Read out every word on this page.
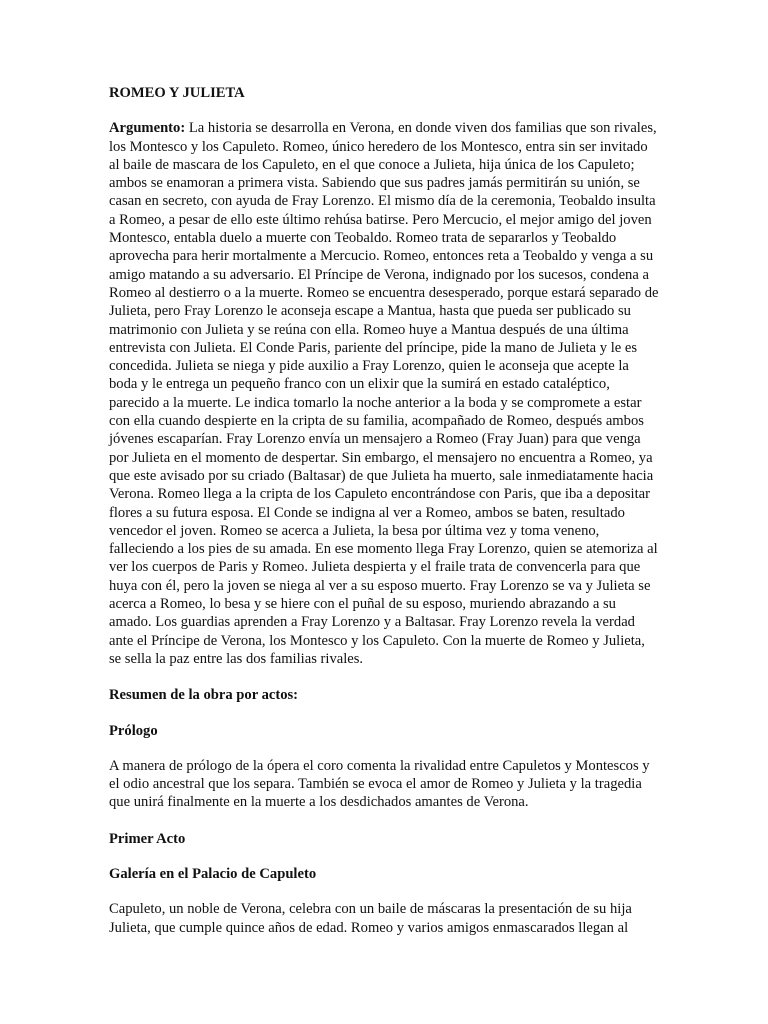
ROMEO Y JULIETA

Argumento: La historia se desarrolla en Verona, en donde viven dos familias que son rivales, los Montesco y los Capuleto. Romeo, único heredero de los Montesco, entra sin ser invitado al baile de mascara de los Capuleto, en el que conoce a Julieta, hija única de los Capuleto; ambos se enamoran a primera vista. Sabiendo que sus padres jamás permitirán su unión, se casan en secreto, con ayuda de Fray Lorenzo. El mismo día de la ceremonia, Teobaldo insulta a Romeo, a pesar de ello este último rehúsa batirse. Pero Mercucio, el mejor amigo del joven Montesco, entabla duelo a muerte con Teobaldo. Romeo trata de separarlos y Teobaldo aprovecha para herir mortalmente a Mercucio. Romeo, entonces reta a Teobaldo y venga a su amigo matando a su adversario. El Príncipe de Verona, indignado por los sucesos, condena a Romeo al destierro o a la muerte. Romeo se encuentra desesperado, porque estará separado de Julieta, pero Fray Lorenzo le aconseja escape a Mantua, hasta que pueda ser publicado su matrimonio con Julieta y se reúna con ella. Romeo huye a Mantua después de una última entrevista con Julieta. El Conde Paris, pariente del príncipe, pide la mano de Julieta y le es concedida. Julieta se niega y pide auxilio a Fray Lorenzo, quien le aconseja que acepte la boda y le entrega un pequeño franco con un elixir que la sumirá en estado cataléptico, parecido a la muerte. Le indica tomarlo la noche anterior a la boda y se compromete a estar con ella cuando despierte en la cripta de su familia, acompañado de Romeo, después ambos jóvenes escaparían. Fray Lorenzo envía un mensajero a Romeo (Fray Juan) para que venga por Julieta en el momento de despertar. Sin embargo, el mensajero no encuentra a Romeo, ya que este avisado por su criado (Baltasar) de que Julieta ha muerto, sale inmediatamente hacia Verona. Romeo llega a la cripta de los Capuleto encontrándose con Paris, que iba a depositar flores a su futura esposa. El Conde se indigna al ver a Romeo, ambos se baten, resultado vencedor el joven. Romeo se acerca a Julieta, la besa por última vez y toma veneno, falleciendo a los pies de su amada. En ese momento llega Fray Lorenzo, quien se atemoriza al ver los cuerpos de Paris y Romeo. Julieta despierta y el fraile trata de convencerla para que huya con él, pero la joven se niega al ver a su esposo muerto. Fray Lorenzo se va y Julieta se acerca a Romeo, lo besa y se hiere con el puñal de su esposo, muriendo abrazando a su amado. Los guardias aprenden a Fray Lorenzo y a Baltasar. Fray Lorenzo revela la verdad ante el Príncipe de Verona, los Montesco y los Capuleto. Con la muerte de Romeo y Julieta, se sella la paz entre las dos familias rivales.

Resumen de la obra por actos:
Prólogo

A manera de prólogo de la ópera el coro comenta la rivalidad entre Capuletos y Montescos y el odio ancestral que los separa. También se evoca el amor de Romeo y Julieta y la tragedia que unirá finalmente en la muerte a los desdichados amantes de Verona.

Primer Acto
Galería en el Palacio de Capuleto

Capuleto, un noble de Verona, celebra con un baile de máscaras la presentación de su hija Julieta, que cumple quince años de edad. Romeo y varios amigos enmascarados llegan al
